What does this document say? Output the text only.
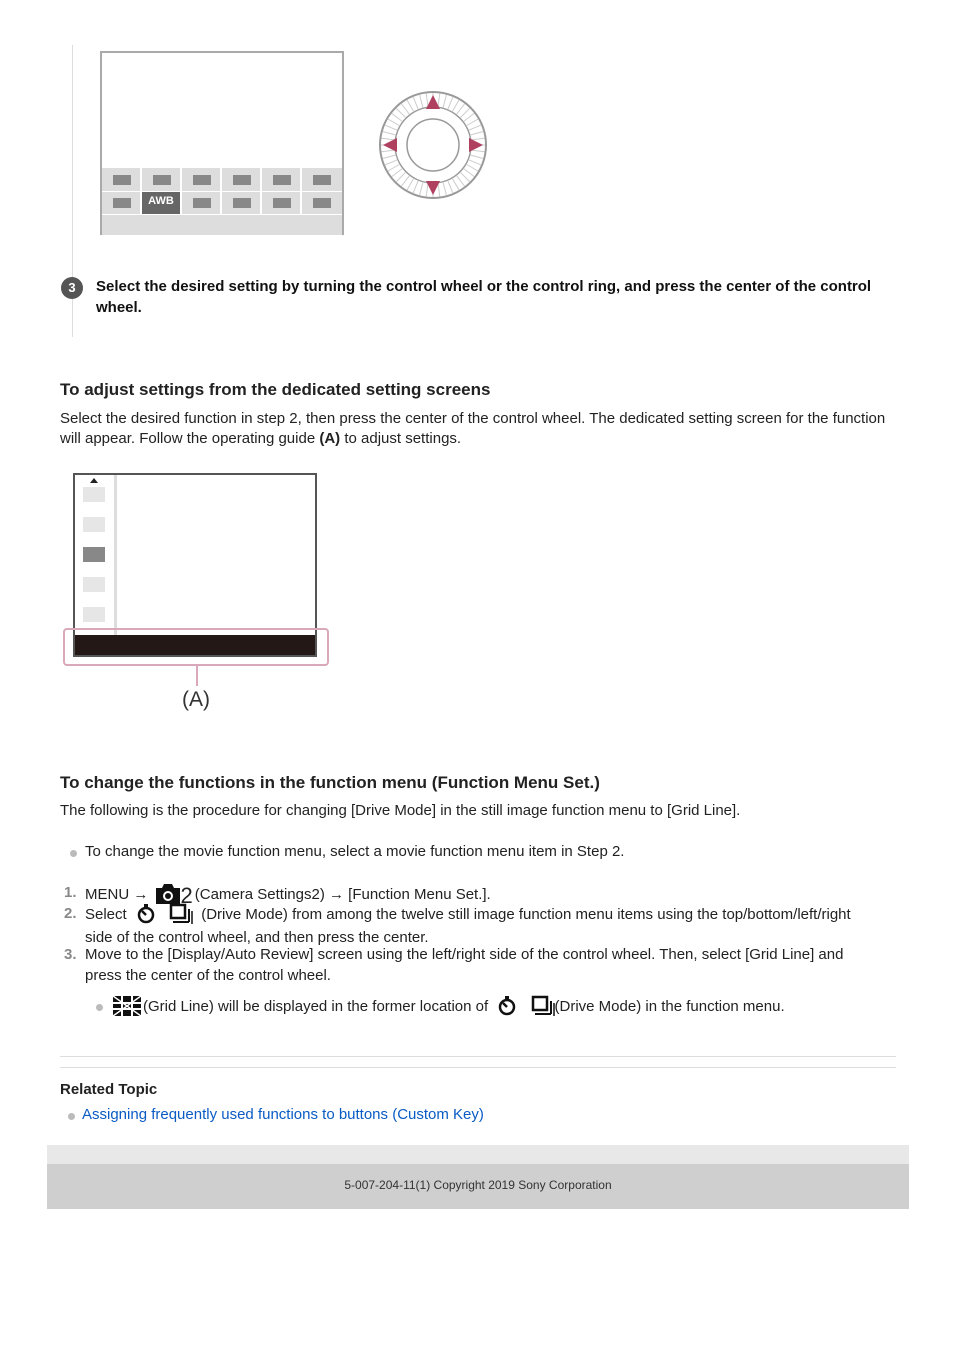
AWB
3	Select the desired setting by turning the control wheel or the control ring, and press the center of the control wheel.
To adjust settings from the dedicated setting screens

Select the desired function in step 2, then press the center of the control wheel. The dedicated setting screen for the function will appear. Follow the operating guide (A) to adjust settings.

(A)
To change the functions in the function menu (Function Menu Set.)

The following is the procedure for changing [Drive Mode] in the still image function menu to [Grid Line].

To change the movie function menu, select a movie function menu item in Step 2.

1. MENU → 2 (Camera Settings2) → [Function Menu Set.].
2. Select	(Drive Mode) from among the twelve still image function menu items using the top/bottom/left/right
side of the control wheel, and then press the center.
3. Move to the [Display/Auto Review] screen using the left/right side of the control wheel. Then, select [Grid Line] and
press the center of the control wheel.
(Grid Line) will be displayed in the former location of	(Drive Mode) in the function menu.
Related Topic
Assigning frequently used functions to buttons (Custom Key)
5-007-204-11(1) Copyright 2019 Sony Corporation
